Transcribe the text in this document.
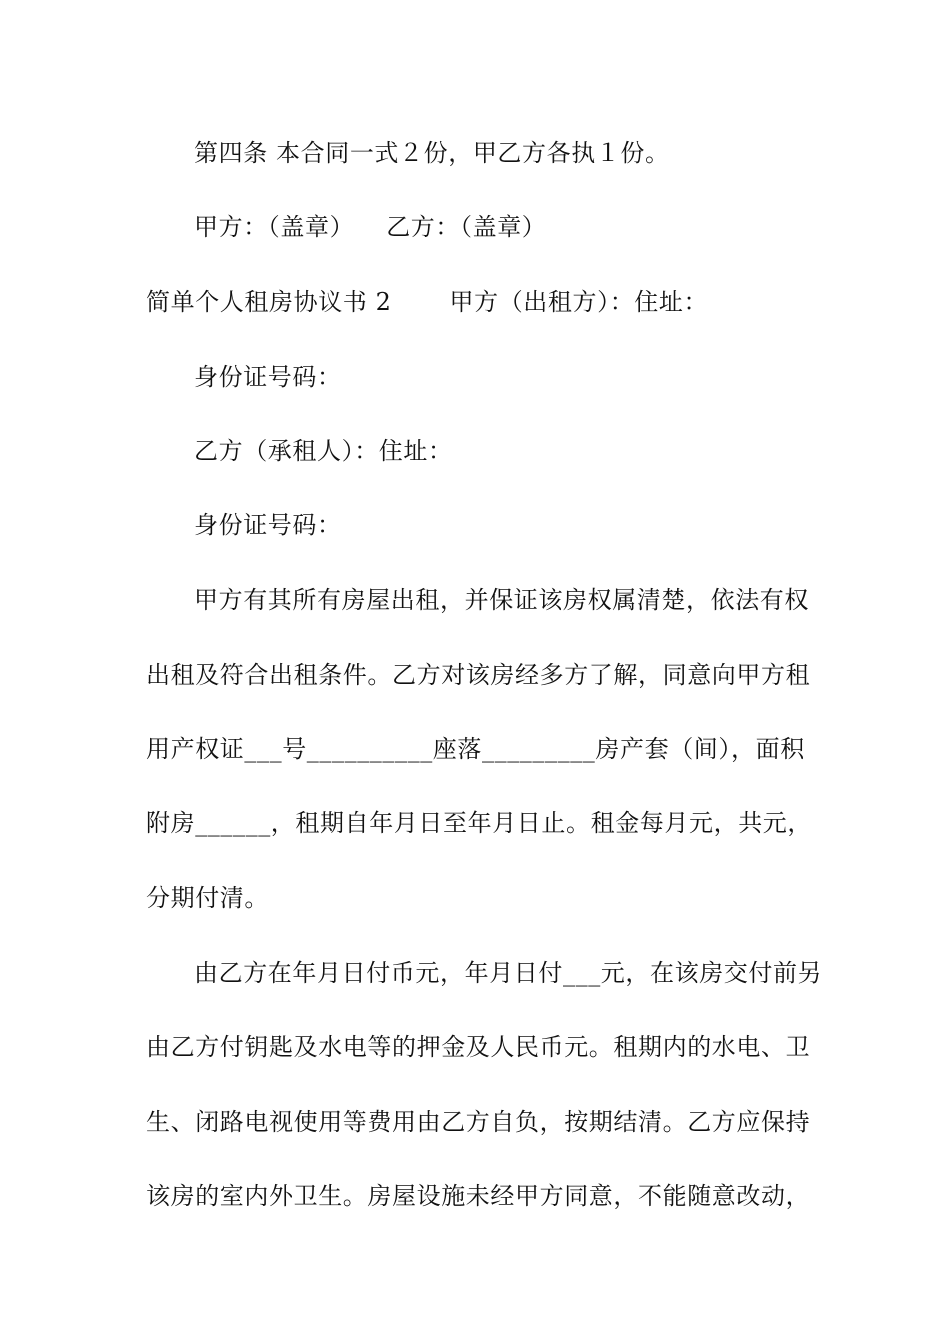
第四条 本合同一式２份，甲乙方各执１份。
甲方：（盖章） 乙方：（盖章）
简单个人租房协议书 2 甲方（出租方）：住址：
身份证号码：
乙方（承租人）：住址：
身份证号码：
甲方有其所有房屋出租，并保证该房权属清楚，依法有权
出租及符合出租条件。乙方对该房经多方了解，同意向甲方租
用产权证___号__________座落_________房产套（间），面积
附房______，租期自年月日至年月日止。租金每月元，共元，
分期付清。
由乙方在年月日付币元，年月日付___元，在该房交付前另
由乙方付钥匙及水电等的押金及人民币元。租期内的水电、卫
生、闭路电视使用等费用由乙方自负，按期结清。乙方应保持
该房的室内外卫生。房屋设施未经甲方同意，不能随意改动，
